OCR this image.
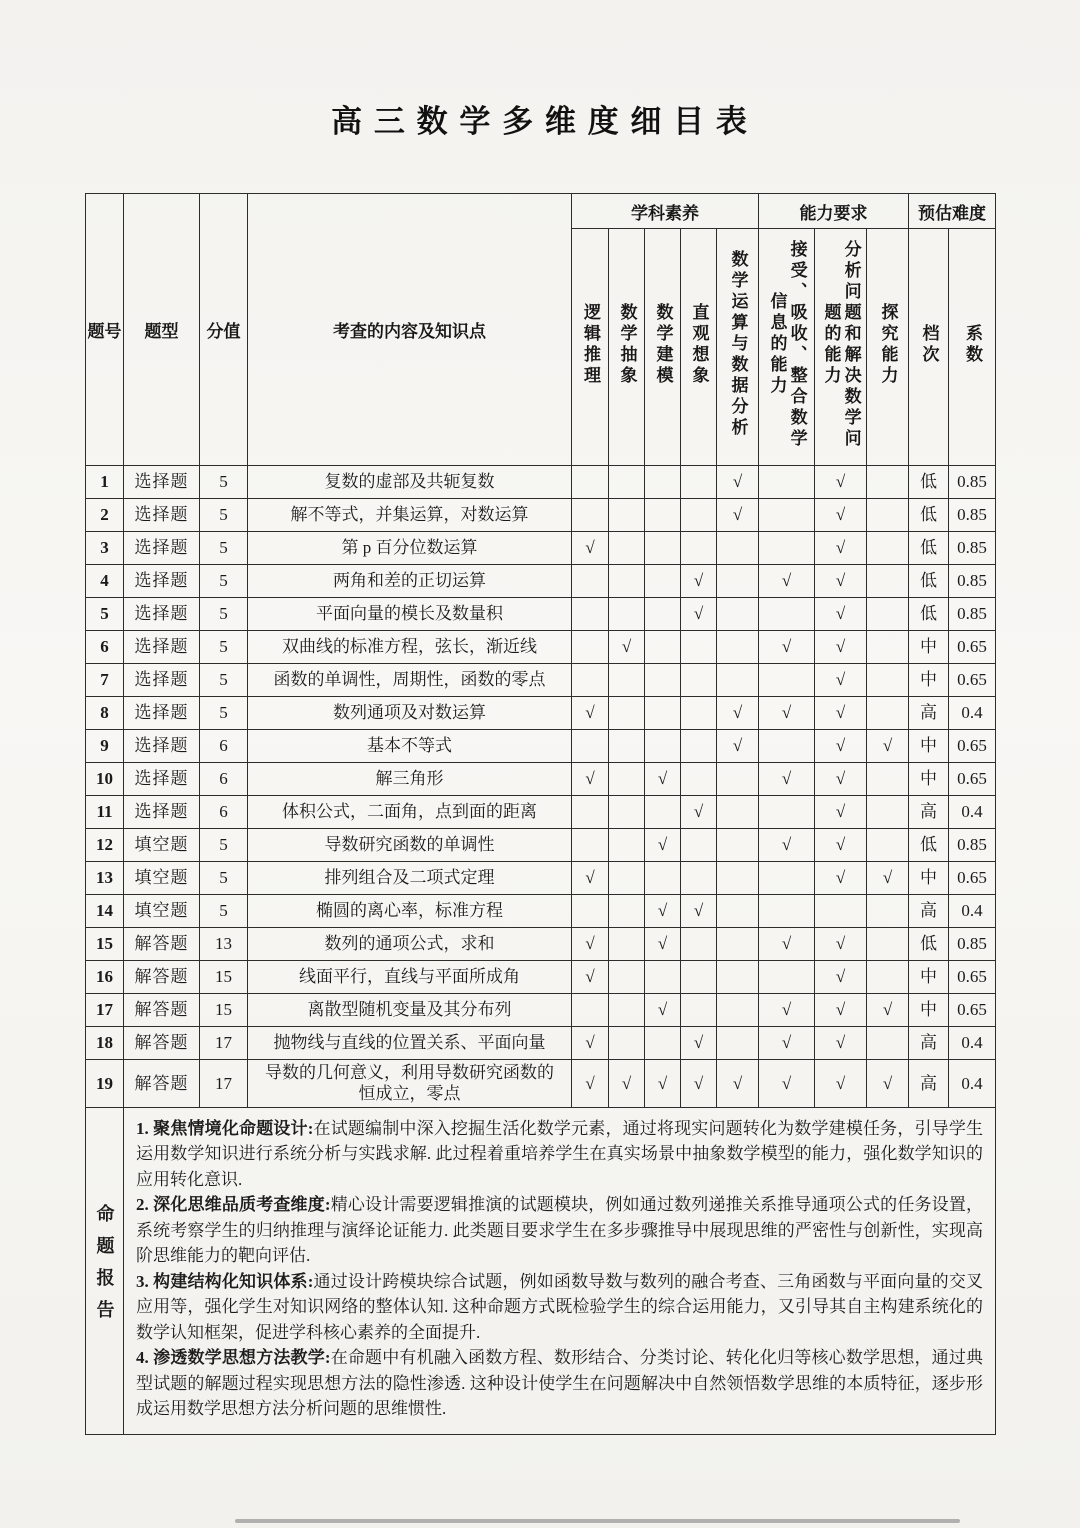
高 三 数 学 多 维 度 细 目 表
题号	题型	分值	考查的内容及知识点	学科素养					能力要求			预估难度	
				逻辑推理	数学抽象	数学建模	直观想象	数学运算与数据分析	接受、吸收、整合数学信息的能力	分析问题和解决数学问题的能力	探究能力	档次	系数
1	选择题	5	复数的虚部及共轭复数					√		√		低	0.85
2	选择题	5	解不等式，并集运算，对数运算					√		√		低	0.85
3	选择题	5	第 p 百分位数运算	√						√		低	0.85
4	选择题	5	两角和差的正切运算				√		√	√		低	0.85
5	选择题	5	平面向量的模长及数量积				√			√		低	0.85
6	选择题	5	双曲线的标准方程，弦长，渐近线		√				√	√		中	0.65
7	选择题	5	函数的单调性，周期性，函数的零点							√		中	0.65
8	选择题	5	数列通项及对数运算	√				√	√	√		高	0.4
9	选择题	6	基本不等式					√		√	√	中	0.65
10	选择题	6	解三角形	√		√			√	√		中	0.65
11	选择题	6	体积公式，二面角，点到面的距离				√			√		高	0.4
12	填空题	5	导数研究函数的单调性			√			√	√		低	0.85
13	填空题	5	排列组合及二项式定理	√						√	√	中	0.65
14	填空题	5	椭圆的离心率，标准方程			√	√					高	0.4
15	解答题	13	数列的通项公式，求和	√		√			√	√		低	0.85
16	解答题	15	线面平行，直线与平面所成角	√						√		中	0.65
17	解答题	15	离散型随机变量及其分布列			√			√	√	√	中	0.65
18	解答题	17	抛物线与直线的位置关系、平面向量	√			√		√	√		高	0.4
19	解答题	17	导数的几何意义，利用导数研究函数的恒成立，零点	√	√	√	√	√	√	√	√	高	0.4
命题报告	1. 聚焦情境化命题设计:在试题编制中深入挖掘生活化数学元素，通过将现实问题转化为数学建模任务，引导学生运用数学知识进行系统分析与实践求解. 此过程着重培养学生在真实场景中抽象数学模型的能力，强化数学知识的应用转化意识.

2. 深化思维品质考查维度:精心设计需要逻辑推演的试题模块，例如通过数列递推关系推导通项公式的任务设置，系统考察学生的归纳推理与演绎论证能力. 此类题目要求学生在多步骤推导中展现思维的严密性与创新性，实现高阶思维能力的靶向评估.

3. 构建结构化知识体系:通过设计跨模块综合试题，例如函数导数与数列的融合考查、三角函数与平面向量的交叉应用等，强化学生对知识网络的整体认知. 这种命题方式既检验学生的综合运用能力，又引导其自主构建系统化的数学认知框架，促进学科核心素养的全面提升.

4. 渗透数学思想方法教学:在命题中有机融入函数方程、数形结合、分类讨论、转化化归等核心数学思想，通过典型试题的解题过程实现思想方法的隐性渗透. 这种设计使学生在问题解决中自然领悟数学思维的本质特征，逐步形成运用数学思想方法分析问题的思维惯性.												
